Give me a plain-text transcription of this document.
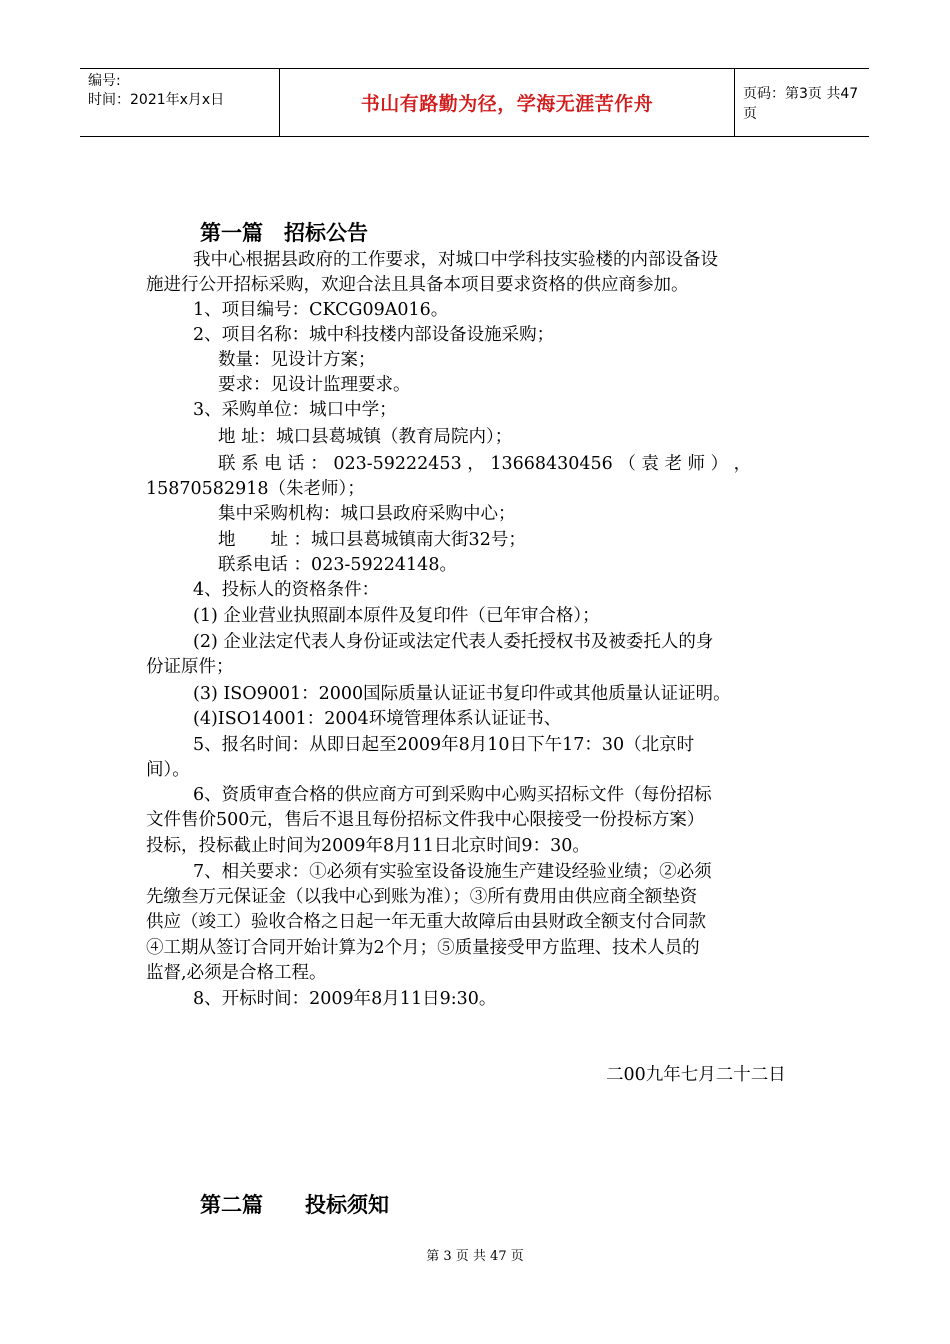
编号:
时间：2021年x月x日	书山有路勤为径，学海无涯苦作舟	页码：第3页 共47页
第一篇　招标公告
我中心根据县政府的工作要求，对城口中学科技实验楼的内部设备设
施进行公开招标采购，欢迎合法且具备本项目要求资格的供应商参加。
1、项目编号：CKCG09A016。
2、项目名称：城中科技楼内部设备设施采购；
数量：见设计方案；
要求：见设计监理要求。
3、采购单位：城口中学；
地 址：城口县葛城镇（教育局院内）；
联 系 电 话 ： 023-59222453 ， 13668430456 （ 袁 老 师 ） ，
15870582918（朱老师）；
集中采购机构：城口县政府采购中心；
地　　址 ：城口县葛城镇南大街32号；
联系电话 ：023-59224148。
4、投标人的资格条件：
(1) 企业营业执照副本原件及复印件（已年审合格）；
(2) 企业法定代表人身份证或法定代表人委托授权书及被委托人的身
份证原件；
(3) ISO9001：2000国际质量认证证书复印件或其他质量认证证明。
(4)ISO14001：2004环境管理体系认证证书、
5、报名时间：从即日起至2009年8月10日下午17：30（北京时
间）。
6、资质审查合格的供应商方可到采购中心购买招标文件（每份招标
文件售价500元，售后不退且每份招标文件我中心限接受一份投标方案）
投标，投标截止时间为2009年8月11日北京时间9：30。
7、相关要求：①必须有实验室设备设施生产建设经验业绩；②必须
先缴叁万元保证金（以我中心到账为准）；③所有费用由供应商全额垫资
供应（竣工）验收合格之日起一年无重大故障后由县财政全额支付合同款
④工期从签订合同开始计算为2个月；⑤质量接受甲方监理、技术人员的
监督,必须是合格工程。
8、开标时间：2009年8月11日9:30。
二00九年七月二十二日
第二篇　　投标须知
第 3 页 共 47 页
